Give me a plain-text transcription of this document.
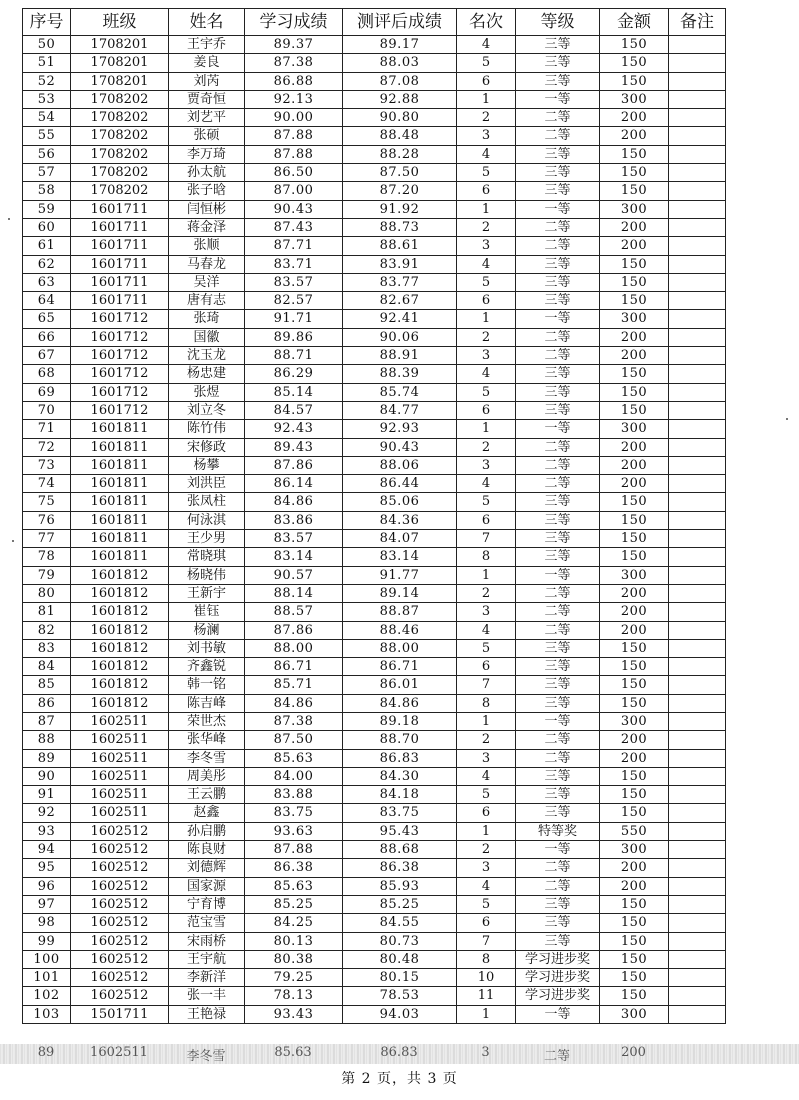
序号	班级	姓名	学习成绩	测评后成绩	名次	等级	金额	备注
50	1708201	王宇乔	89.37	89.17	4	三等	150	
51	1708201	姜良	87.38	88.03	5	三等	150	
52	1708201	刘芮	86.88	87.08	6	三等	150	
53	1708202	贾奇恒	92.13	92.88	1	一等	300	
54	1708202	刘艺平	90.00	90.80	2	二等	200	
55	1708202	张硕	87.88	88.48	3	二等	200	
56	1708202	李万琦	87.88	88.28	4	三等	150	
57	1708202	孙太航	86.50	87.50	5	三等	150	
58	1708202	张子晗	87.00	87.20	6	三等	150	
59	1601711	闫恒彬	90.43	91.92	1	一等	300	
60	1601711	蒋金泽	87.43	88.73	2	二等	200	
61	1601711	张顺	87.71	88.61	3	二等	200	
62	1601711	马春龙	83.71	83.91	4	三等	150	
63	1601711	吴洋	83.57	83.77	5	三等	150	
64	1601711	唐有志	82.57	82.67	6	三等	150	
65	1601712	张琦	91.71	92.41	1	一等	300	
66	1601712	国徽	89.86	90.06	2	二等	200	
67	1601712	沈玉龙	88.71	88.91	3	二等	200	
68	1601712	杨忠建	86.29	88.39	4	三等	150	
69	1601712	张煜	85.14	85.74	5	三等	150	
70	1601712	刘立冬	84.57	84.77	6	三等	150	
71	1601811	陈竹伟	92.43	92.93	1	一等	300	
72	1601811	宋修政	89.43	90.43	2	二等	200	
73	1601811	杨攀	87.86	88.06	3	二等	200	
74	1601811	刘洪臣	86.14	86.44	4	二等	200	
75	1601811	张凤柱	84.86	85.06	5	三等	150	
76	1601811	何泳淇	83.86	84.36	6	三等	150	
77	1601811	王少男	83.57	84.07	7	三等	150	
78	1601811	常晓琪	83.14	83.14	8	三等	150	
79	1601812	杨晓伟	90.57	91.77	1	一等	300	
80	1601812	王新宇	88.14	89.14	2	二等	200	
81	1601812	崔钰	88.57	88.87	3	二等	200	
82	1601812	杨澜	87.86	88.46	4	二等	200	
83	1601812	刘书敏	88.00	88.00	5	三等	150	
84	1601812	齐鑫锐	86.71	86.71	6	三等	150	
85	1601812	韩一铭	85.71	86.01	7	三等	150	
86	1601812	陈吉峰	84.86	84.86	8	三等	150	
87	1602511	荣世杰	87.38	89.18	1	一等	300	
88	1602511	张华峰	87.50	88.70	2	二等	200	
89	1602511	李冬雪	85.63	86.83	3	二等	200	
90	1602511	周美彤	84.00	84.30	4	三等	150	
91	1602511	王云鹏	83.88	84.18	5	三等	150	
92	1602511	赵鑫	83.75	83.75	6	三等	150	
93	1602512	孙启鹏	93.63	95.43	1	特等奖	550	
94	1602512	陈良财	87.88	88.68	2	一等	300	
95	1602512	刘德辉	86.38	86.38	3	二等	200	
96	1602512	国家源	85.63	85.93	4	二等	200	
97	1602512	宁育博	85.25	85.25	5	三等	150	
98	1602512	范宝雪	84.25	84.55	6	三等	150	
99	1602512	宋雨桥	80.13	80.73	7	三等	150	
100	1602512	王宇航	80.38	80.48	8	学习进步奖	150	
101	1602512	李新洋	79.25	80.15	10	学习进步奖	150	
102	1602512	张一丰	78.13	78.53	11	学习进步奖	150	
103	1501711	王艳禄	93.43	94.03	1	一等	300	
89	1602511	李冬雪	85.63	86.83	3	二等	200
第 2 页，共 3 页
